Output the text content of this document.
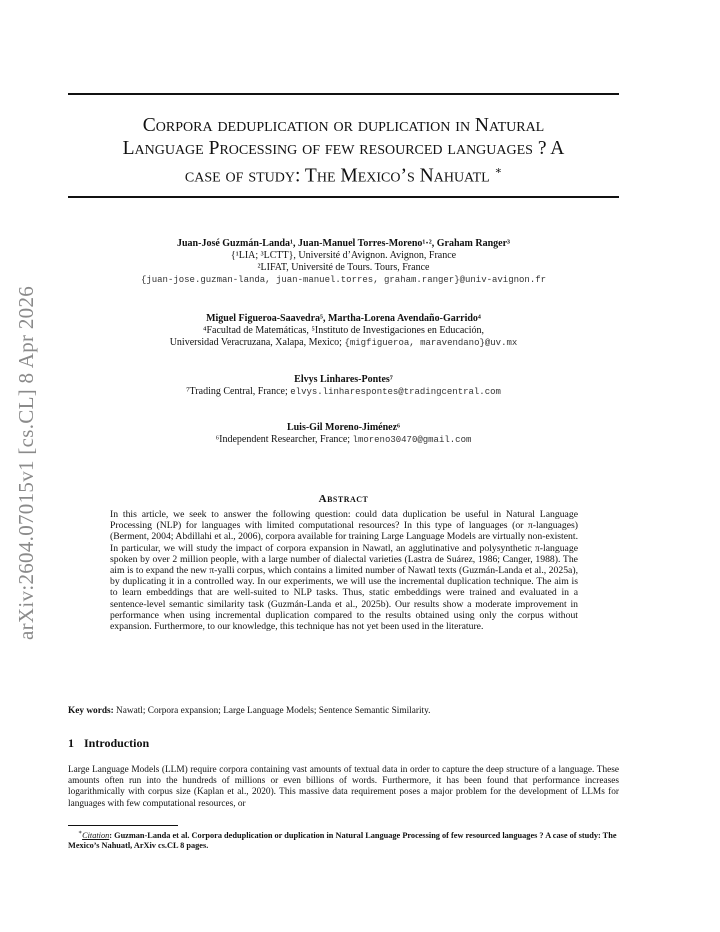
arXiv:2604.07015v1 [cs.CL] 8 Apr 2026
Corpora deduplication or duplication in Natural
Language Processing of few resourced languages ? A
case of study: The Mexico’s Nahuatl ∗
Juan-José Guzmán-Landa¹, Juan-Manuel Torres-Moreno¹·², Graham Ranger³
{¹LIA; ³LCTT}, Université d’Avignon. Avignon, France
²LIFAT, Université de Tours. Tours, France
{juan-jose.guzman-landa, juan-manuel.torres, graham.ranger}@univ-avignon.fr
Miguel Figueroa-Saavedra⁵, Martha-Lorena Avendaño-Garrido⁴
⁴Facultad de Matemáticas, ⁵Instituto de Investigaciones en Educación,
Universidad Veracruzana, Xalapa, Mexico; {migfigueroa, maravendano}@uv.mx
Elvys Linhares-Pontes⁷
⁷Trading Central, France; elvys.linharespontes@tradingcentral.com
Luis-Gil Moreno-Jiménez⁶
⁶Independent Researcher, France; lmoreno30470@gmail.com
Abstract

In this article, we seek to answer the following question: could data duplication be useful in Natural Language Processing (NLP) for languages with limited computational resources? In this type of languages (or π-languages) (Berment, 2004; Abdillahi et al., 2006), corpora available for training Large Language Models are virtually non-existent. In particular, we will study the impact of corpora expansion in Nawatl, an agglutinative and polysynthetic π-language spoken by over 2 million people, with a large number of dialectal varieties (Lastra de Suárez, 1986; Canger, 1988). The aim is to expand the new π-yalli corpus, which contains a limited number of Nawatl texts (Guzmán-Landa et al., 2025a), by duplicating it in a controlled way. In our experiments, we will use the incremental duplication technique. The aim is to learn embeddings that are well-suited to NLP tasks. Thus, static embeddings were trained and evaluated in a sentence-level semantic similarity task (Guzmán-Landa et al., 2025b). Our results show a moderate improvement in performance when using incremental duplication compared to the results obtained using only the corpus without expansion. Furthermore, to our knowledge, this technique has not yet been used in the literature.

Key words: Nawatl; Corpora expansion; Large Language Models; Sentence Semantic Similarity.

1 Introduction

Large Language Models (LLM) require corpora containing vast amounts of textual data in order to capture the deep structure of a language. These amounts often run into the hundreds of millions or even billions of words. Furthermore, it has been found that performance increases logarithmically with corpus size (Kaplan et al., 2020). This massive data requirement poses a major problem for the development of LLMs for languages with few computational resources, or

∗Citation: Guzman-Landa et al. Corpora deduplication or duplication in Natural Language Processing of few resourced languages ? A case of study: The Mexico’s Nahuatl, ArXiv cs.CL 8 pages.
